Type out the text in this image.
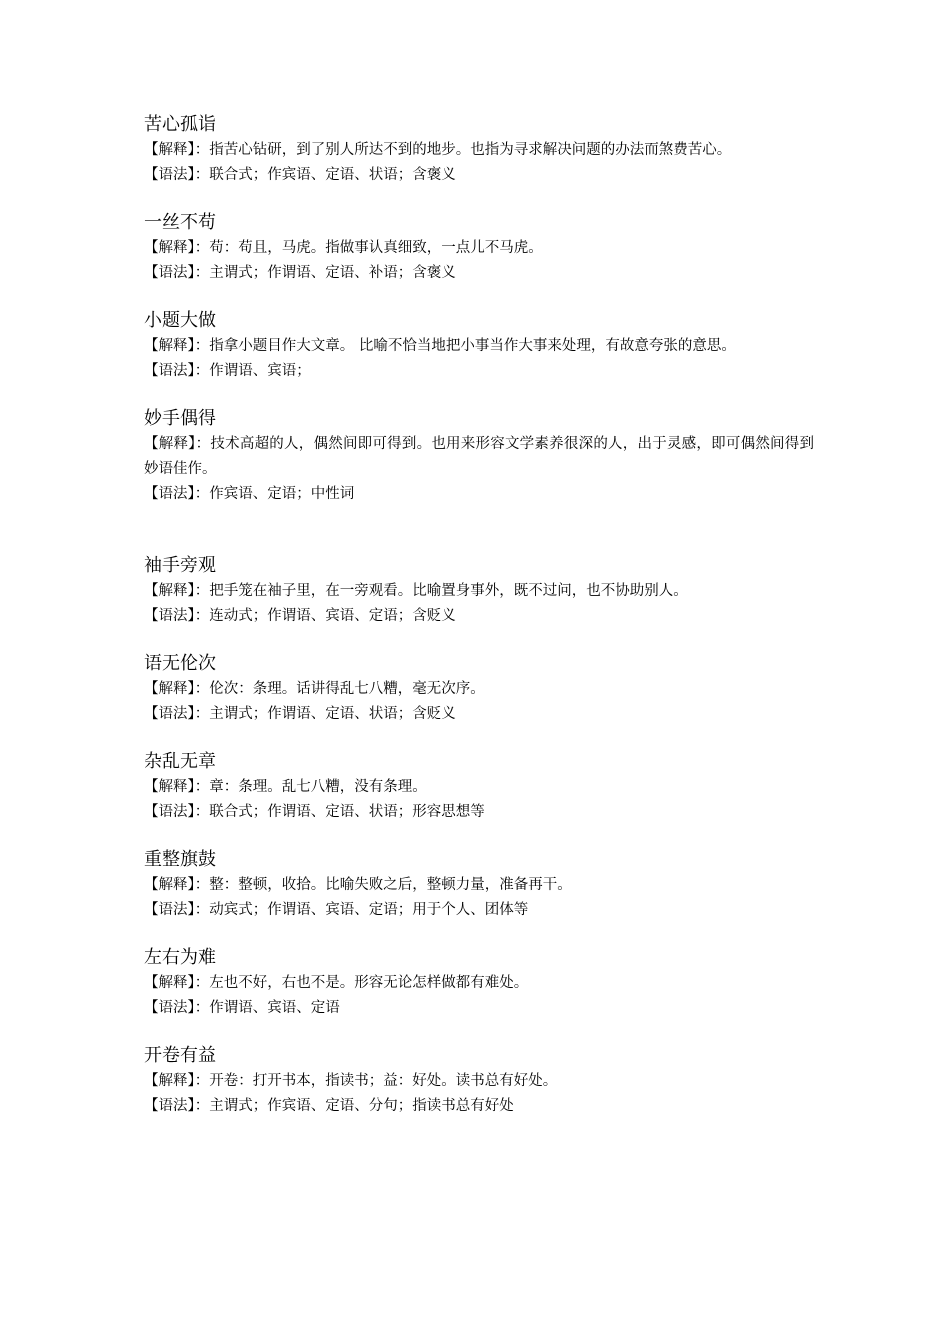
苦心孤诣

【解释】：指苦心钻研，到了别人所达不到的地步。也指为寻求解决问题的办法而煞费苦心。

【语法】：联合式；作宾语、定语、状语；含褒义

一丝不苟

【解释】：苟：苟且，马虎。指做事认真细致，一点儿不马虎。

【语法】：主谓式；作谓语、定语、补语；含褒义

小题大做

【解释】：指拿小题目作大文章。 比喻不恰当地把小事当作大事来处理，有故意夸张的意思。

【语法】：作谓语、宾语；

妙手偶得

【解释】：技术高超的人，偶然间即可得到。也用来形容文学素养很深的人，出于灵感，即可偶然间得到妙语佳作。

【语法】：作宾语、定语；中性词

袖手旁观

【解释】：把手笼在袖子里，在一旁观看。比喻置身事外，既不过问，也不协助别人。

【语法】：连动式；作谓语、宾语、定语；含贬义

语无伦次

【解释】：伦次：条理。话讲得乱七八糟，毫无次序。

【语法】：主谓式；作谓语、定语、状语；含贬义

杂乱无章

【解释】：章：条理。乱七八糟，没有条理。

【语法】：联合式；作谓语、定语、状语；形容思想等

重整旗鼓

【解释】：整：整顿，收拾。比喻失败之后，整顿力量，准备再干。

【语法】：动宾式；作谓语、宾语、定语；用于个人、团体等

左右为难

【解释】：左也不好，右也不是。形容无论怎样做都有难处。

【语法】：作谓语、宾语、定语

开卷有益

【解释】：开卷：打开书本，指读书；益：好处。读书总有好处。

【语法】：主谓式；作宾语、定语、分句；指读书总有好处
